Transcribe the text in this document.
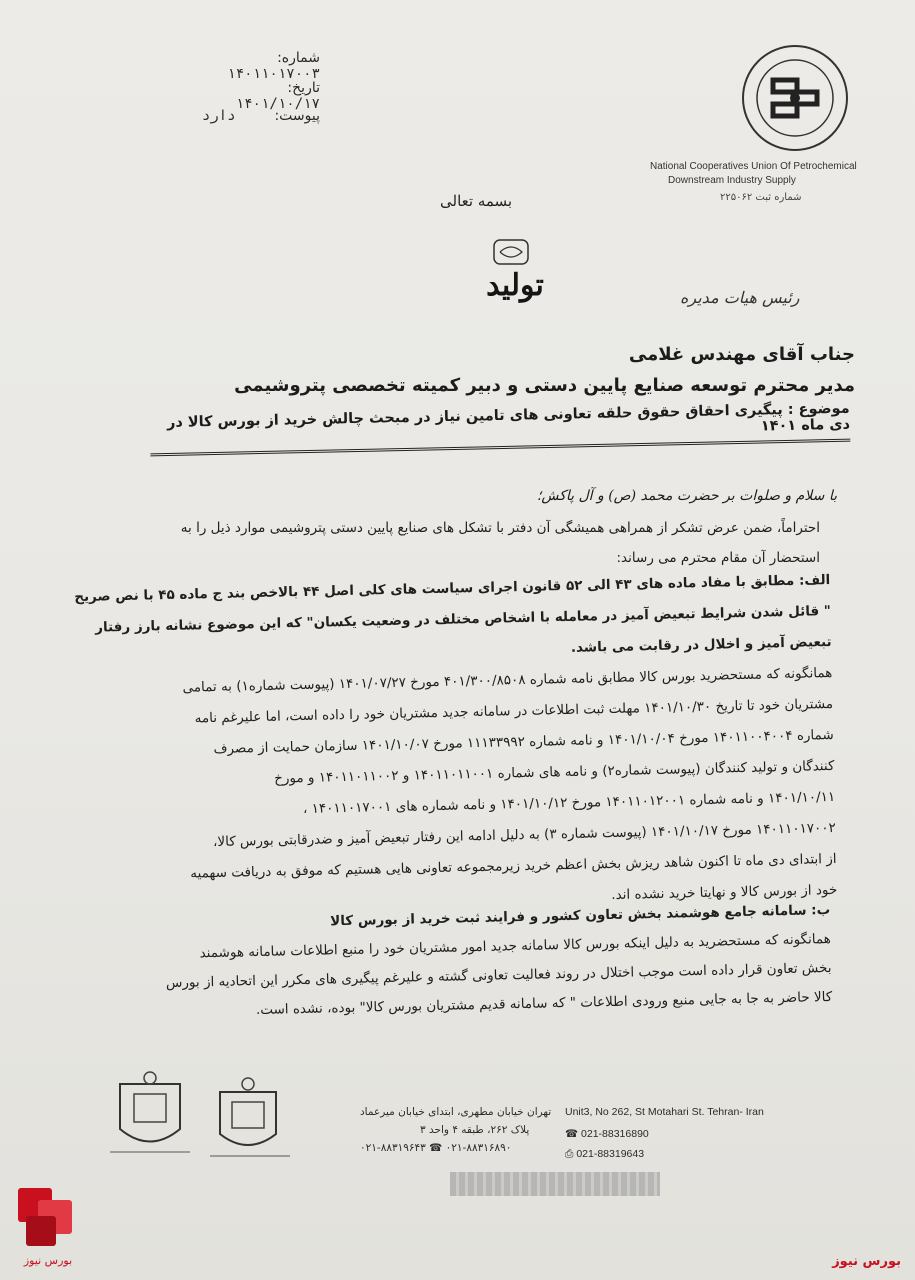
شماره: ۱۴۰۱۱۰۱۷۰۰۳
تاریخ: ۱۴۰۱/۱۰/۱۷
پیوست: دارد
National Cooperatives Union Of Petrochemical
Downstream Industry Supply
شماره ثبت ۲۲۵۰۶۲
بسمه تعالی
تولید	رئیس هیات مدیره
جناب آقای مهندس غلامی
مدیر محترم توسعه صنایع پایین دستی و دبیر کمیته تخصصی پتروشیمی
موضوع : پیگیری احقاق حقوق حلقه تعاونی های تامین نیاز در مبحث چالش خرید از بورس کالا در دی ماه ۱۴۰۱
با سلام و صلوات بر حضرت محمد (ص) و آل پاکش؛
احتراماً، ضمن عرض تشکر از همراهی همیشگی آن دفتر با تشکل های صنایع پایین دستی پتروشیمی موارد ذیل را به
استحضار آن مقام محترم می رساند:
الف: مطابق با مفاد ماده های ۴۳ الی ۵۲ قانون اجرای سیاست های کلی اصل ۴۴ بالاخص بند ج ماده ۴۵ با نص صریح
" قائل شدن شرایط تبعیض آمیز در معامله با اشخاص مختلف در وضعیت یکسان" که این موضوع نشانه بارز رفتار
تبعیض آمیز و اخلال در رقابت می باشد.
همانگونه که مستحضرید بورس کالا مطابق نامه شماره ۴۰۱/۳۰۰/۸۵۰۸ مورخ ۱۴۰۱/۰۷/۲۷ (پیوست شماره۱) به تمامی
مشتریان خود تا تاریخ ۱۴۰۱/۱۰/۳۰ مهلت ثبت اطلاعات در سامانه جدید مشتریان خود را داده است، اما علیرغم نامه
شماره ۱۴۰۱۱۰۰۴۰۰۴ مورخ ۱۴۰۱/۱۰/۰۴ و نامه شماره ۱۱۱۳۳۹۹۲ مورخ ۱۴۰۱/۱۰/۰۷ سازمان حمایت از مصرف
کنندگان و تولید کنندگان (پیوست شماره۲) و نامه های شماره ۱۴۰۱۱۰۱۱۰۰۱ و ۱۴۰۱۱۰۱۱۰۰۲ و مورخ
۱۴۰۱/۱۰/۱۱ و نامه شماره ۱۴۰۱۱۰۱۲۰۰۱ مورخ ۱۴۰۱/۱۰/۱۲ و نامه شماره های ۱۴۰۱۱۰۱۷۰۰۱ ،
۱۴۰۱۱۰۱۷۰۰۲ مورخ ۱۴۰۱/۱۰/۱۷ (پیوست شماره ۳) به دلیل ادامه این رفتار تبعیض آمیز و ضدرقابتی بورس کالا،
از ابتدای دی ماه تا اکنون شاهد ریزش بخش اعظم خرید زیرمجموعه تعاونی هایی هستیم که موفق به دریافت سهمیه
خود از بورس کالا و نهایتا خرید نشده اند.
ب: سامانه جامع هوشمند بخش تعاون کشور و فرایند ثبت خرید از بورس کالا
همانگونه که مستحضرید به دلیل اینکه بورس کالا سامانه جدید امور مشتریان خود را منبع اطلاعات سامانه هوشمند
بخش تعاون قرار داده است موجب اختلال در روند فعالیت تعاونی گشته و علیرغم پیگیری های مکرر این اتحادیه از بورس
کالا حاضر به جا به جایی منبع ورودی اطلاعات " که سامانه قدیم مشتریان بورس کالا" بوده، نشده است.
تهران خیابان مطهری، ابتدای خیابان میرعماد
پلاک ۲۶۲، طبقه ۴ واحد ۳
۰۲۱-۸۸۳۱۶۸۹۰ ☎ ۰۲۱-۸۸۳۱۹۶۴۳
Unit3, No 262, St Motahari St. Tehran- Iran
☎ 021-88316890
⎙ 021-88319643
بورس نیوز	بورس نیوز
